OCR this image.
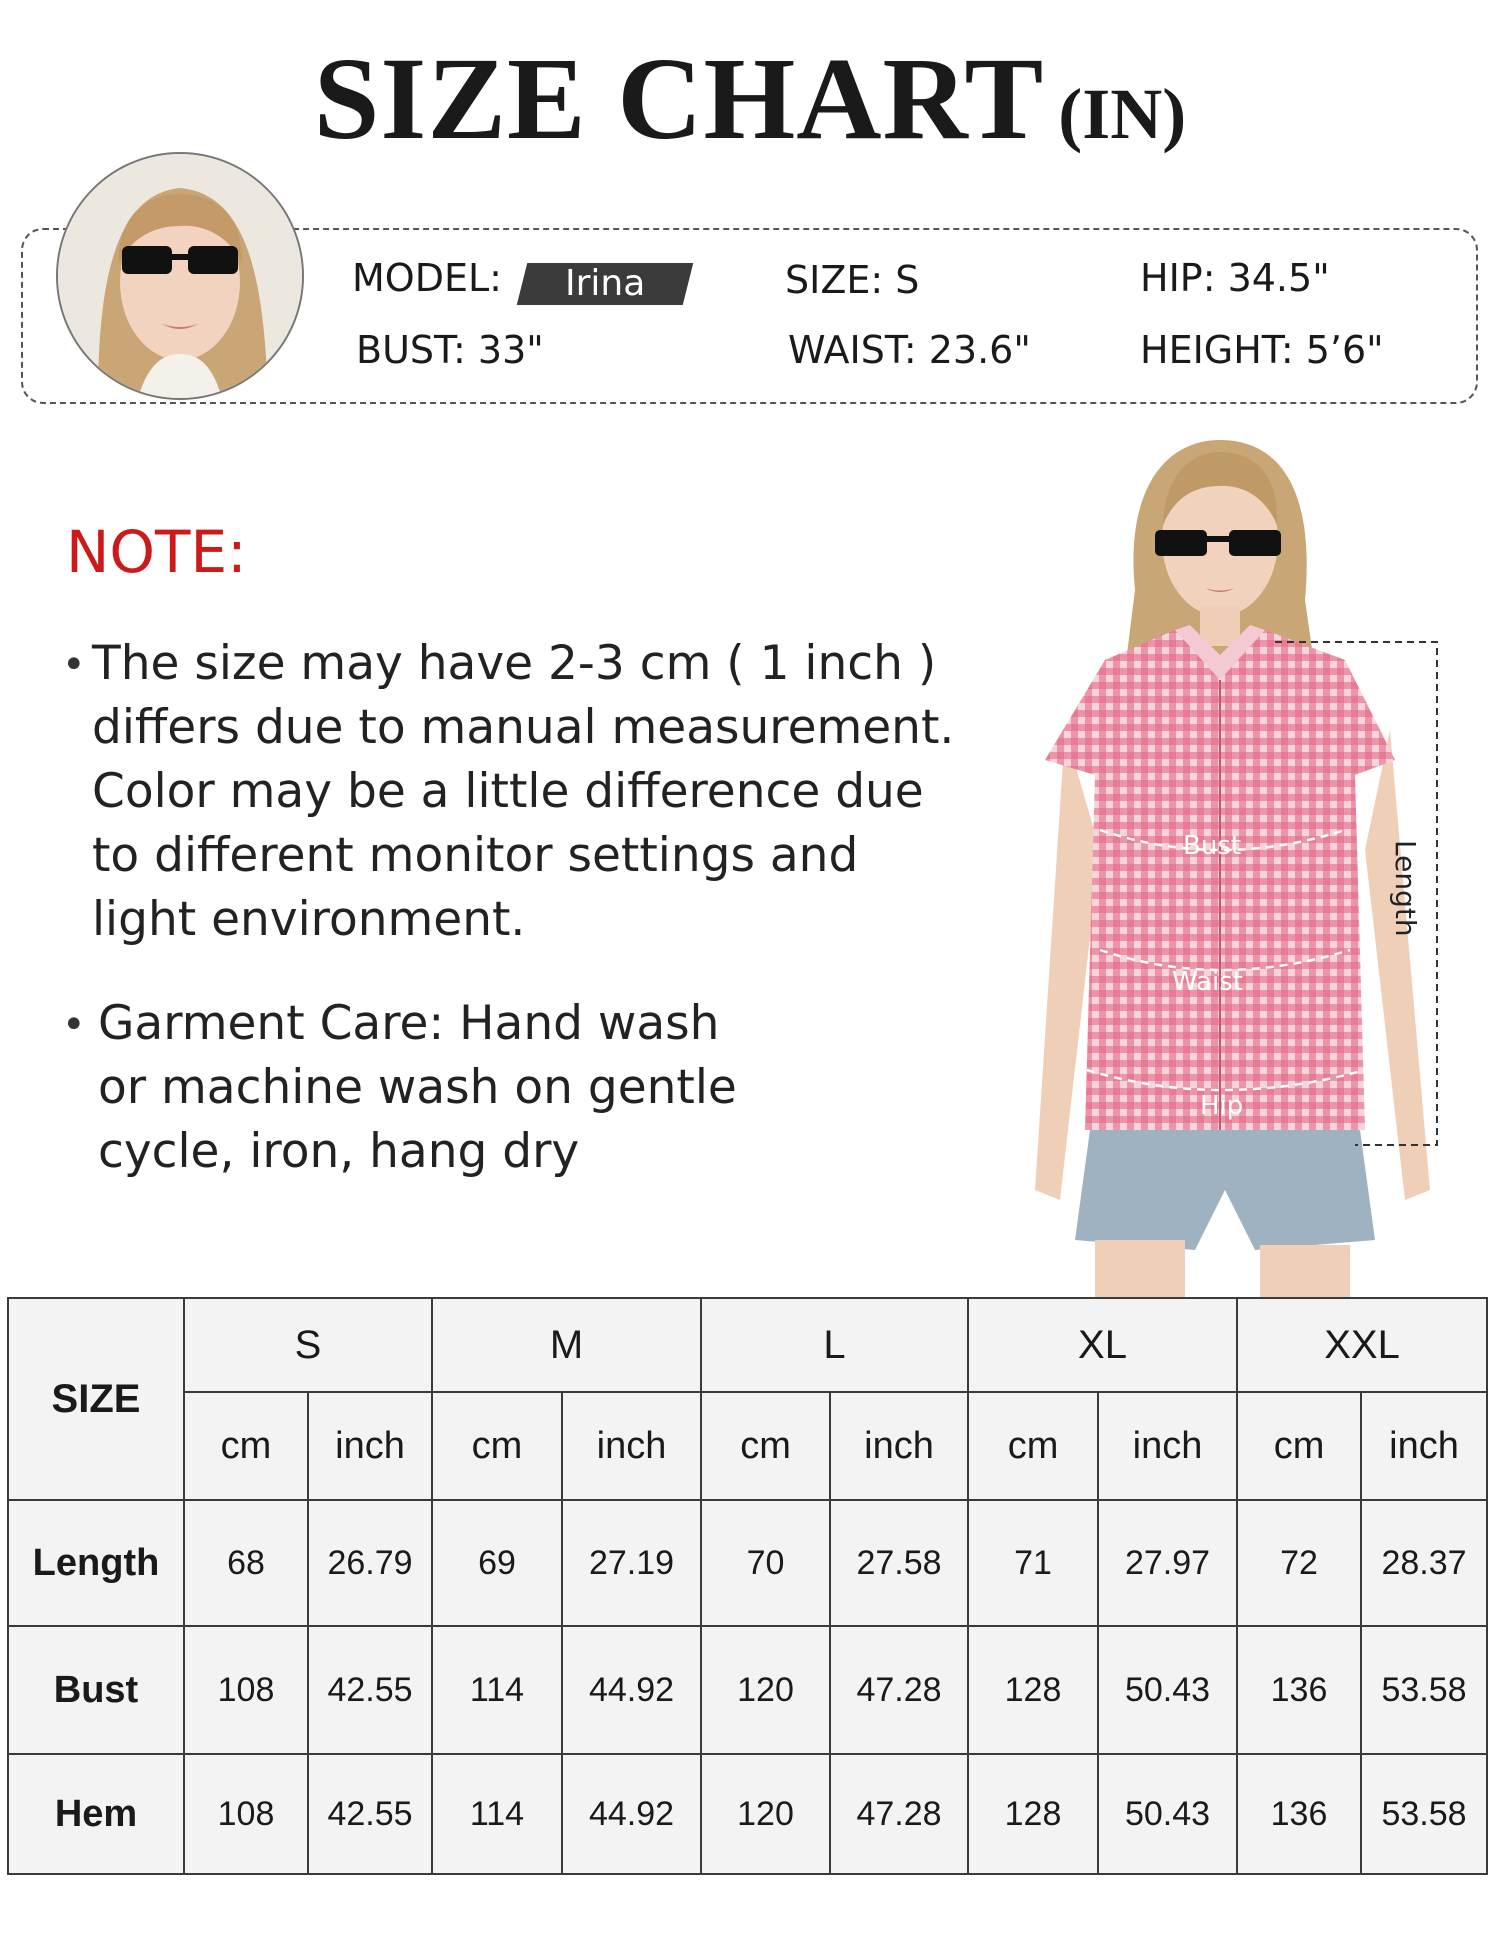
SIZE CHART (IN)
MODEL:	Irina	SIZE: S	HIP: 34.5"
BUST: 33"	WAIST: 23.6"	HEIGHT: 5’6"
NOTE:
• The size may have 2-3 cm ( 1 inch )
differs due to manual measurement.
Color may be a little difference due
to different monitor settings and
light environment.
• Garment Care: Hand wash
or machine wash on gentle
cycle, iron, hang dry
Bust
Waist
Hip
Length
SIZE	S		M		L		XL		XXL	
	cm	inch	cm	inch	cm	inch	cm	inch	cm	inch
Length	68	26.79	69	27.19	70	27.58	71	27.97	72	28.37
Bust	108	42.55	114	44.92	120	47.28	128	50.43	136	53.58
Hem	108	42.55	114	44.92	120	47.28	128	50.43	136	53.58
